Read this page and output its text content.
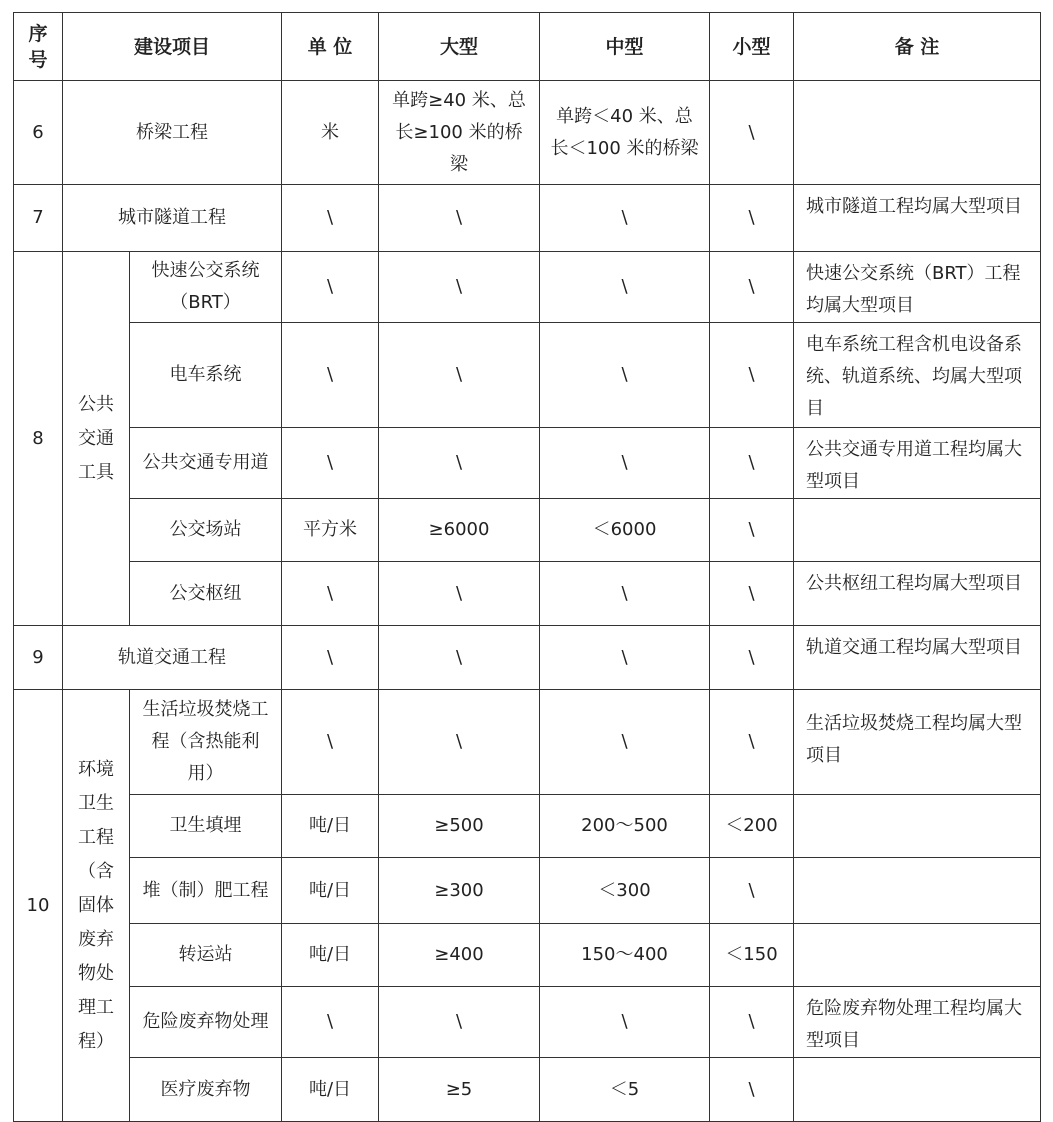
序号	建设项目		单 位	大型	中型	小型	备 注
6	桥梁工程		米	单跨≥40 米、总长≥100 米的桥梁	单跨＜40 米、总长＜100 米的桥梁	\	
7	城市隧道工程		\	\	\	\	城市隧道工程均属大型项目
8	公共交通工具	快速公交系统（BRT）	\	\	\	\	快速公交系统（BRT）工程均属大型项目
		电车系统	\	\	\	\	电车系统工程含机电设备系统、轨道系统、均属大型项目
		公共交通专用道	\	\	\	\	公共交通专用道工程均属大型项目
		公交场站	平方米	≥6000	＜6000	\	
		公交枢纽	\	\	\	\	公共枢纽工程均属大型项目
9	轨道交通工程		\	\	\	\	轨道交通工程均属大型项目
10	环境卫生工程（含固体废弃物处理工程）	生活垃圾焚烧工程（含热能利用）	\	\	\	\	生活垃圾焚烧工程均属大型项目
		卫生填埋	吨/日	≥500	200～500	＜200	
		堆（制）肥工程	吨/日	≥300	＜300	\	
		转运站	吨/日	≥400	150～400	＜150	
		危险废弃物处理	\	\	\	\	危险废弃物处理工程均属大型项目
		医疗废弃物	吨/日	≥5	＜5	\	
